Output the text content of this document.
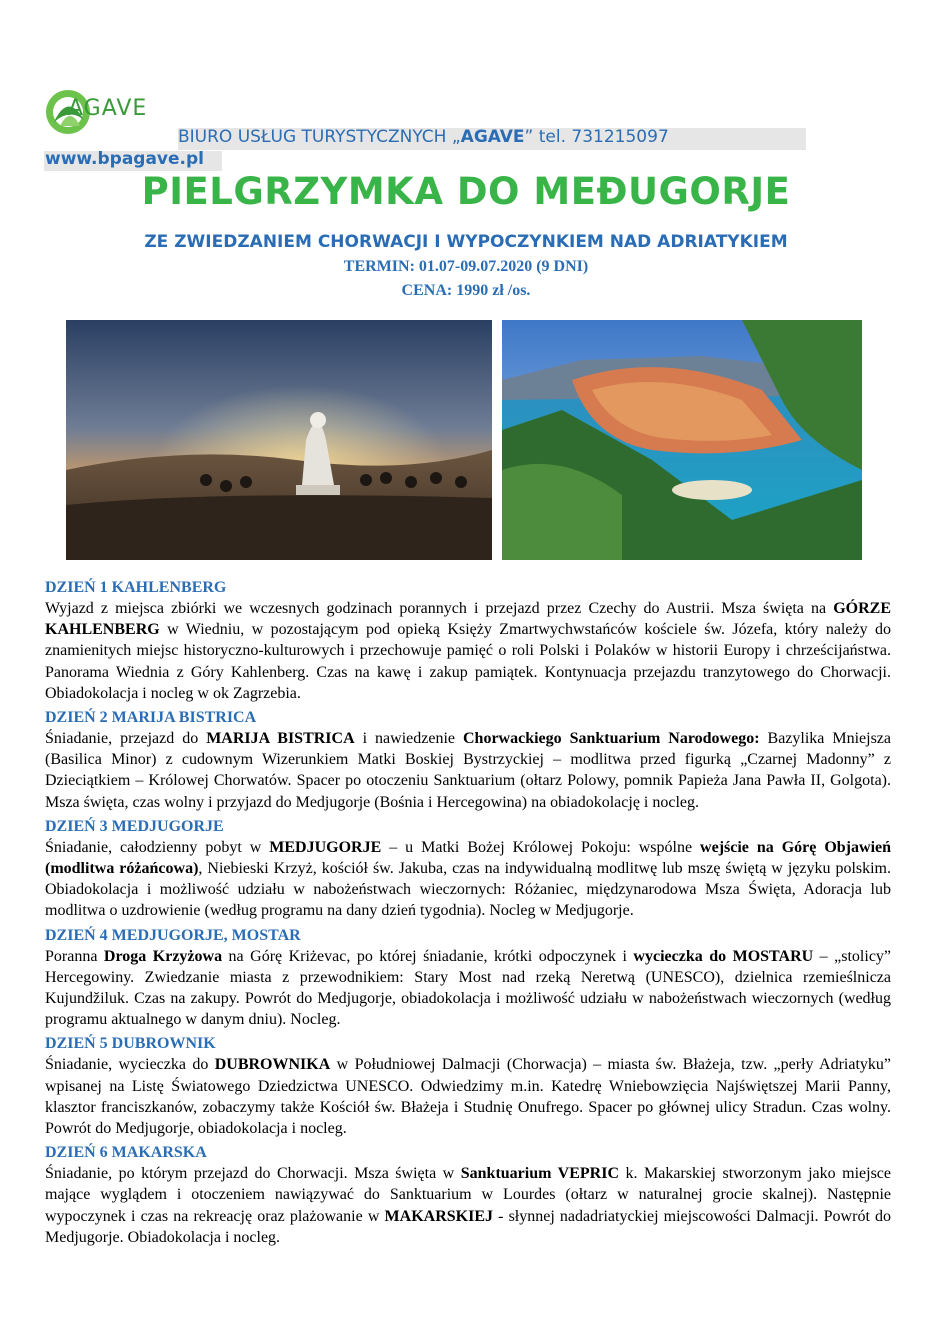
AGAVE
BIURO USŁUG TURYSTYCZNYCH „AGAVE” tel. 731215097
www.bpagave.pl
PIELGRZYMKA DO MEĐUGORJE
ZE ZWIEDZANIEM CHORWACJI I WYPOCZYNKIEM NAD ADRIATYKIEM
TERMIN: 01.07-09.07.2020 (9 DNI)
CENA: 1990 zł /os.
DZIEŃ 1 KAHLENBERG
Wyjazd z miejsca zbiórki we wczesnych godzinach porannych i przejazd przez Czechy do Austrii. Msza święta na GÓRZE KAHLENBERG w Wiedniu, w pozostającym pod opieką Księży Zmartwychwstańców kościele św. Józefa, który należy do znamienitych miejsc historyczno-kulturowych i przechowuje pamięć o roli Polski i Polaków w historii Europy i chrześcijaństwa. Panorama Wiednia z Góry Kahlenberg. Czas na kawę i zakup pamiątek. Kontynuacja przejazdu tranzytowego do Chorwacji. Obiadokolacja i nocleg w ok Zagrzebia.
DZIEŃ 2 MARIJA BISTRICA
Śniadanie, przejazd do MARIJA BISTRICA i nawiedzenie Chorwackiego Sanktuarium Narodowego: Bazylika Mniejsza (Basilica Minor) z cudownym Wizerunkiem Matki Boskiej Bystrzyckiej – modlitwa przed figurką „Czarnej Madonny” z Dzieciątkiem – Królowej Chorwatów. Spacer po otoczeniu Sanktuarium (ołtarz Polowy, pomnik Papieża Jana Pawła II, Golgota). Msza święta, czas wolny i przyjazd do Medjugorje (Bośnia i Hercegowina) na obiadokolację i nocleg.
DZIEŃ 3 MEDJUGORJE
Śniadanie, całodzienny pobyt w MEDJUGORJE – u Matki Bożej Królowej Pokoju: wspólne wejście na Górę Objawień (modlitwa różańcowa), Niebieski Krzyż, kościół św. Jakuba, czas na indywidualną modlitwę lub mszę świętą w języku polskim. Obiadokolacja i możliwość udziału w nabożeństwach wieczornych: Różaniec, międzynarodowa Msza Święta, Adoracja lub modlitwa o uzdrowienie (według programu na dany dzień tygodnia). Nocleg w Medjugorje.
DZIEŃ 4 MEDJUGORJE, MOSTAR
Poranna Droga Krzyżowa na Górę Kriżevac, po której śniadanie, krótki odpoczynek i wycieczka do MOSTARU – „stolicy” Hercegowiny. Zwiedzanie miasta z przewodnikiem: Stary Most nad rzeką Neretwą (UNESCO), dzielnica rzemieślnicza Kujundžiluk. Czas na zakupy. Powrót do Medjugorje, obiadokolacja i możliwość udziału w nabożeństwach wieczornych (według programu aktualnego w danym dniu). Nocleg.
DZIEŃ 5 DUBROWNIK
Śniadanie, wycieczka do DUBROWNIKA w Południowej Dalmacji (Chorwacja) – miasta św. Błażeja, tzw. „perły Adriatyku” wpisanej na Listę Światowego Dziedzictwa UNESCO. Odwiedzimy m.in. Katedrę Wniebowzięcia Najświętszej Marii Panny, klasztor franciszkanów, zobaczymy także Kościół św. Błażeja i Studnię Onufrego. Spacer po głównej ulicy Stradun. Czas wolny. Powrót do Medjugorje, obiadokolacja i nocleg.
DZIEŃ 6 MAKARSKA
Śniadanie, po którym przejazd do Chorwacji. Msza święta w Sanktuarium VEPRIC k. Makarskiej stworzonym jako miejsce mające wyglądem i otoczeniem nawiązywać do Sanktuarium w Lourdes (ołtarz w naturalnej grocie skalnej). Następnie wypoczynek i czas na rekreację oraz plażowanie w MAKARSKIEJ - słynnej nadadriatyckiej miejscowości Dalmacji. Powrót do Medjugorje. Obiadokolacja i nocleg.
